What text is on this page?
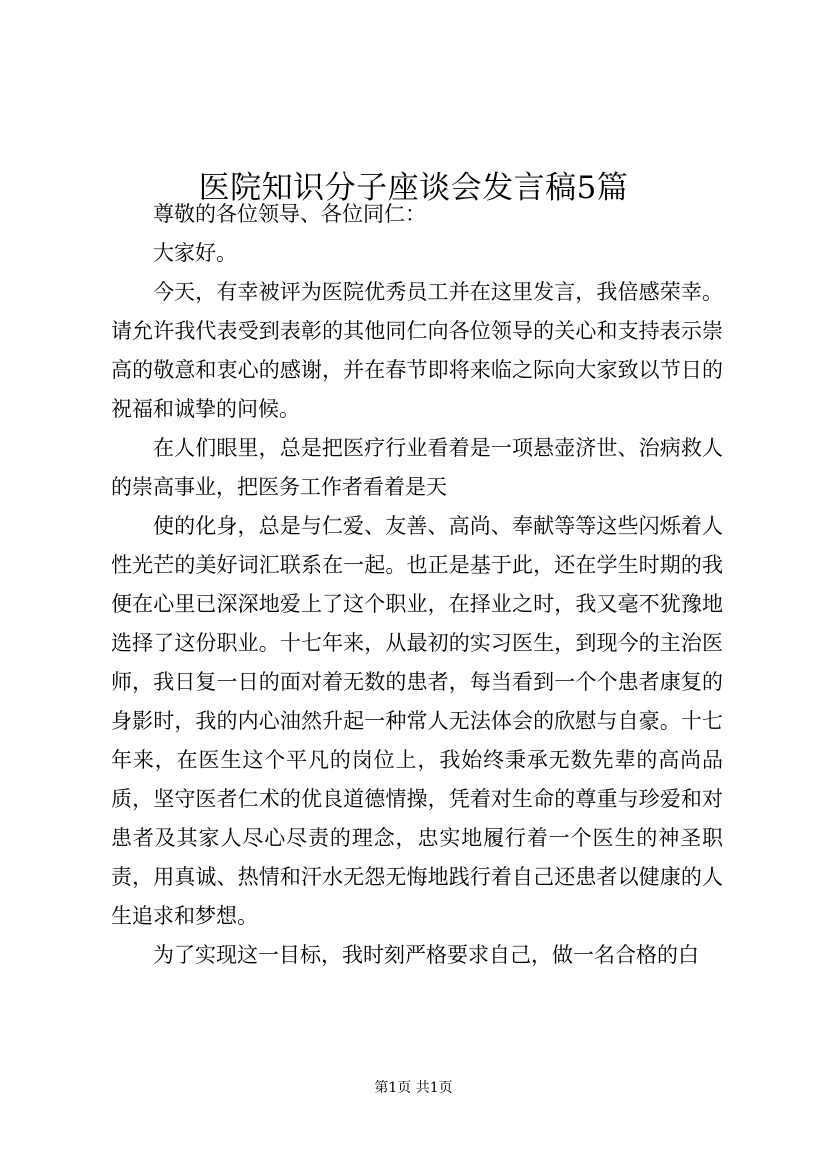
医院知识分子座谈会发言稿5篇

尊敬的各位领导、各位同仁：

大家好。

今天，有幸被评为医院优秀员工并在这里发言，我倍感荣幸。请允许我代表受到表彰的其他同仁向各位领导的关心和支持表示崇高的敬意和衷心的感谢，并在春节即将来临之际向大家致以节日的祝福和诚挚的问候。

在人们眼里，总是把医疗行业看着是一项悬壶济世、治病救人的崇高事业，把医务工作者看着是天

使的化身，总是与仁爱、友善、高尚、奉献等等这些闪烁着人性光芒的美好词汇联系在一起。也正是基于此，还在学生时期的我便在心里已深深地爱上了这个职业，在择业之时，我又毫不犹豫地选择了这份职业。十七年来，从最初的实习医生，到现今的主治医师，我日复一日的面对着无数的患者，每当看到一个个患者康复的身影时，我的内心油然升起一种常人无法体会的欣慰与自豪。十七年来，在医生这个平凡的岗位上，我始终秉承无数先辈的高尚品质，坚守医者仁术的优良道德情操，凭着对生命的尊重与珍爱和对患者及其家人尽心尽责的理念，忠实地履行着一个医生的神圣职责，用真诚、热情和汗水无怨无悔地践行着自己还患者以健康的人生追求和梦想。

为了实现这一目标，我时刻严格要求自己，做一名合格的白

第1页 共1页
